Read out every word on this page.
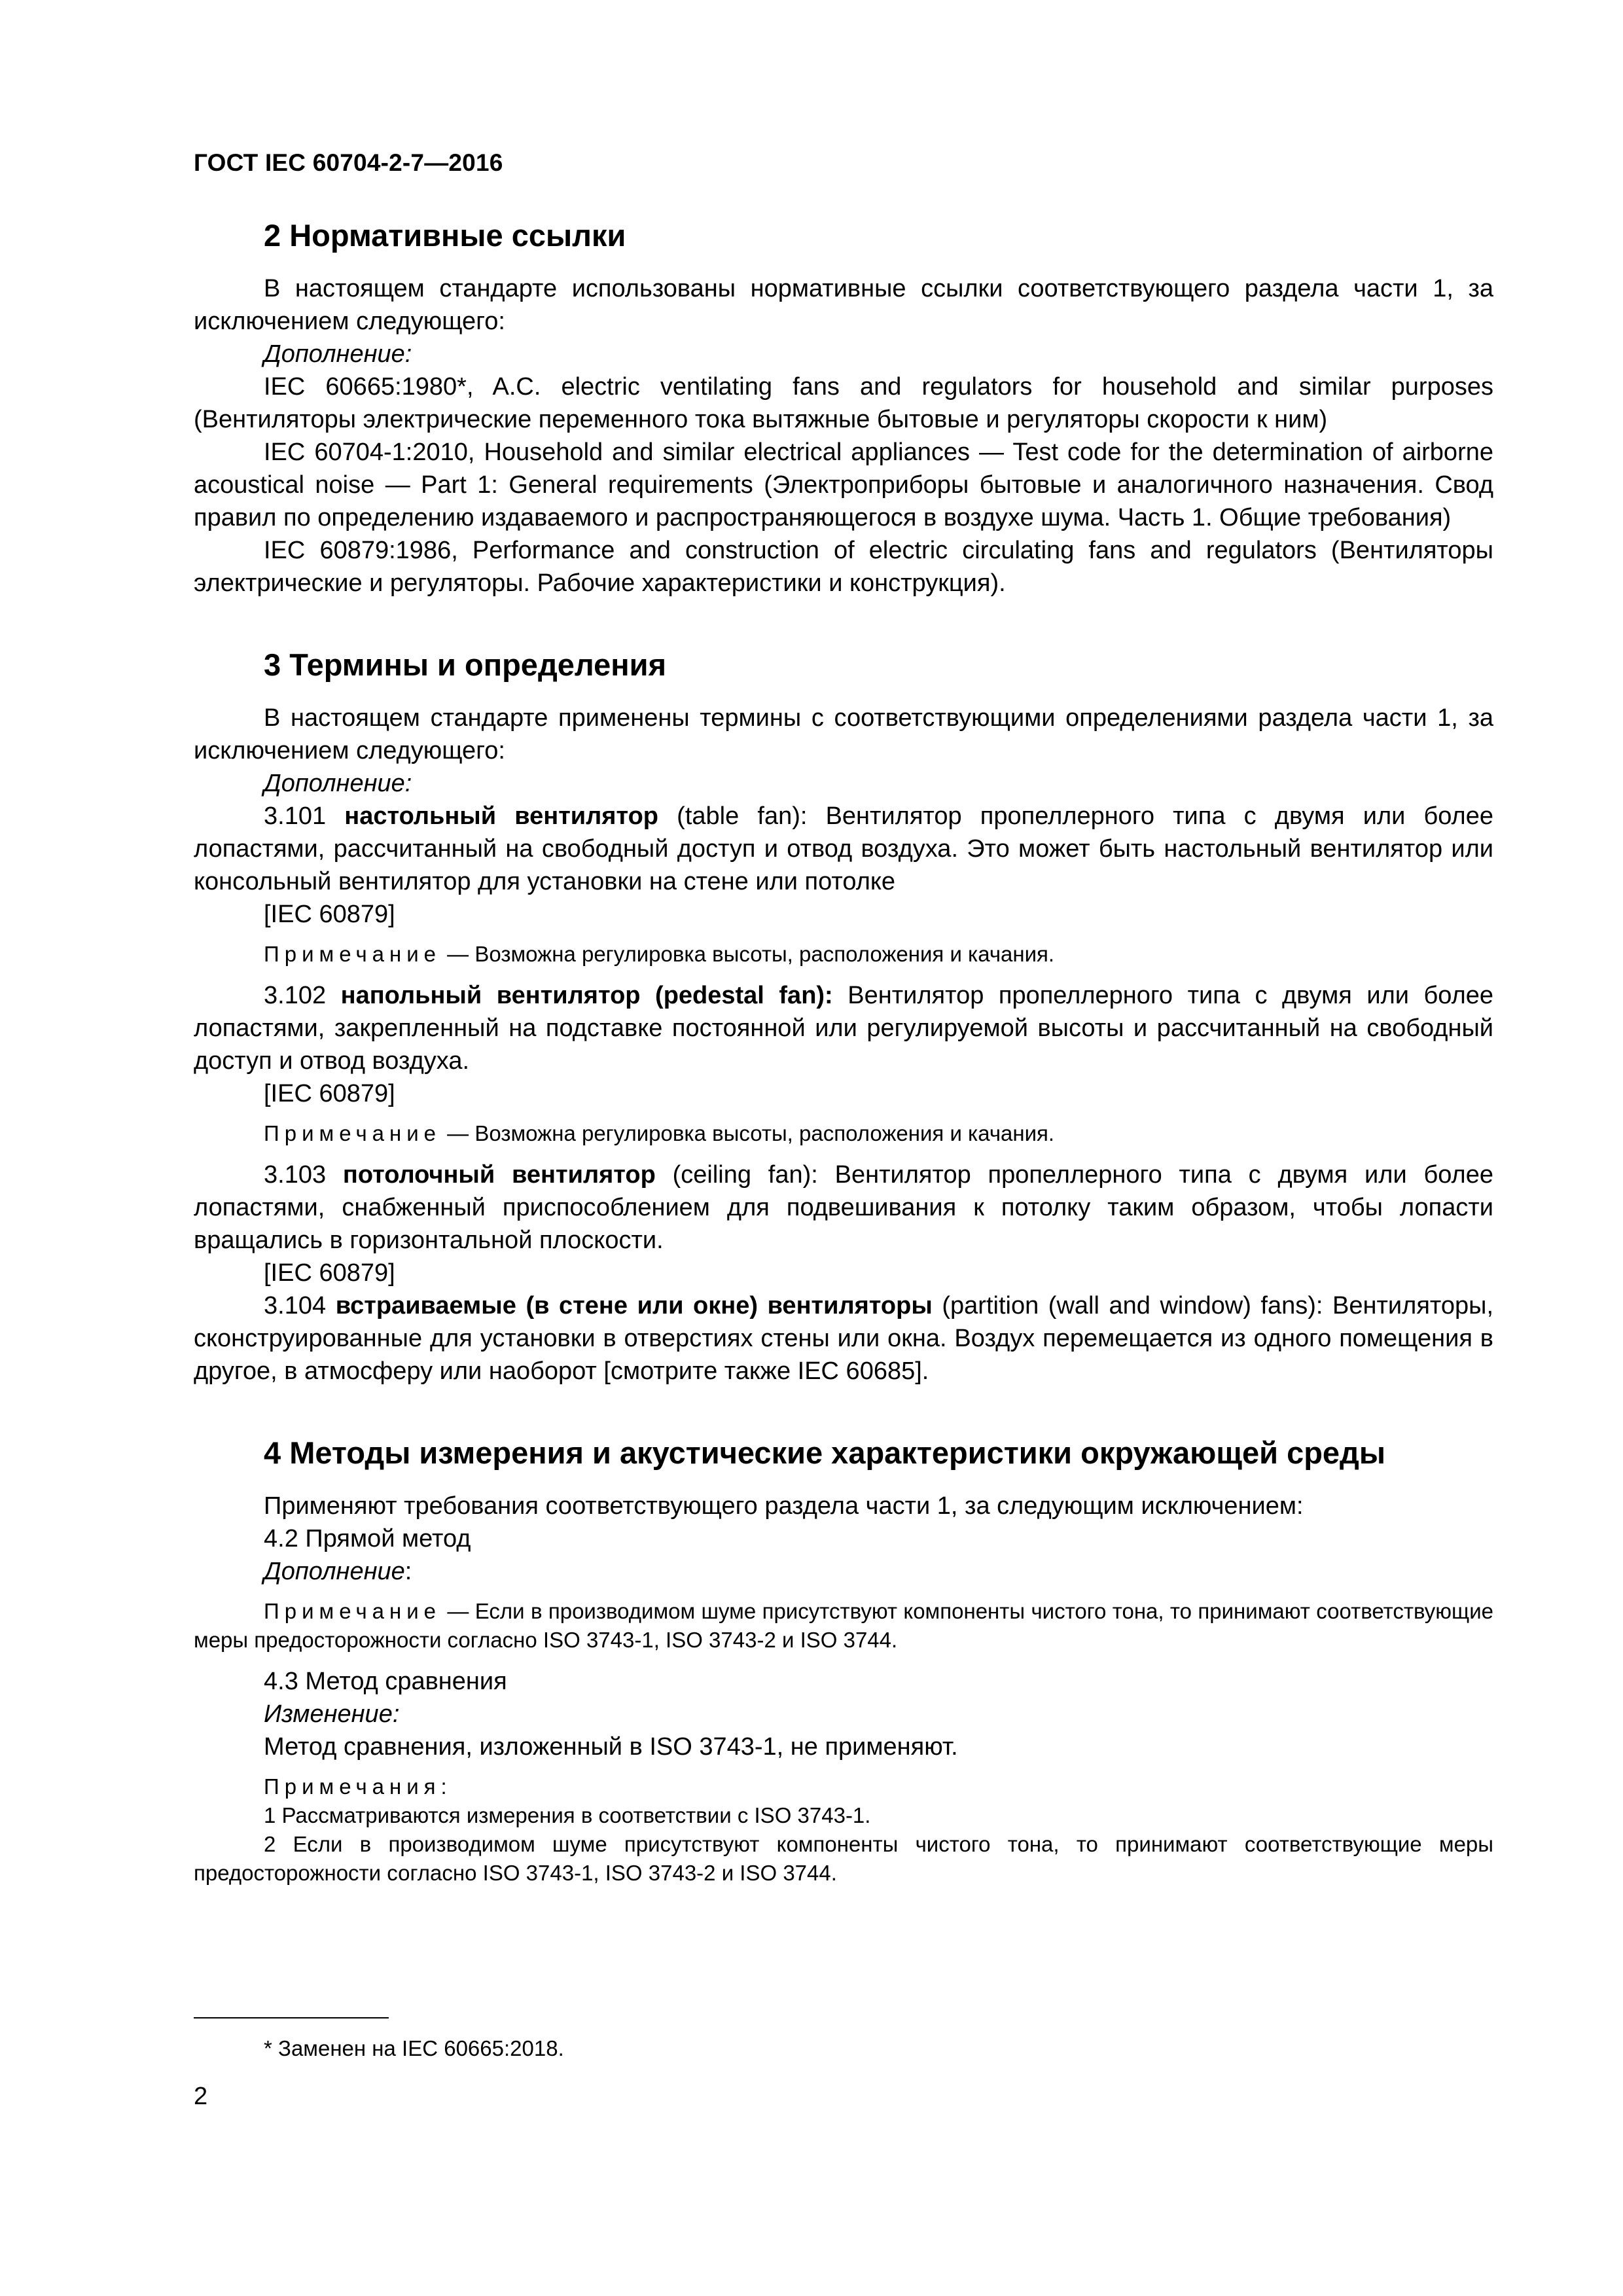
ГОСТ IEC 60704-2-7—2016
2 Нормативные ссылки

В настоящем стандарте использованы нормативные ссылки соответствующего раздела части 1, за исключением следующего:

Дополнение:

IEC 60665:1980*, A.C. electric ventilating fans and regulators for household and similar purposes (Вентиляторы электрические переменного тока вытяжные бытовые и регуляторы скорости к ним)

IEC 60704-1:2010, Household and similar electrical appliances — Test code for the determination of airborne acoustical noise — Part 1: General requirements (Электроприборы бытовые и аналогичного назначения. Свод правил по определению издаваемого и распространяющегося в воздухе шума. Часть 1. Общие требования)

IEC 60879:1986, Performance and construction of electric circulating fans and regulators (Вентиляторы электрические и регуляторы. Рабочие характеристики и конструкция).

3 Термины и определения

В настоящем стандарте применены термины с соответствующими определениями раздела части 1, за исключением следующего:

Дополнение:

3.101 настольный вентилятор (table fan): Вентилятор пропеллерного типа с двумя или более лопастями, рассчитанный на свободный доступ и отвод воздуха. Это может быть настольный вентилятор или консольный вентилятор для установки на стене или потолке

[IEC 60879]

Примечание — Возможна регулировка высоты, расположения и качания.

3.102 напольный вентилятор (pedestal fan): Вентилятор пропеллерного типа с двумя или более лопастями, закрепленный на подставке постоянной или регулируемой высоты и рассчитанный на свободный доступ и отвод воздуха.

[IEC 60879]

Примечание — Возможна регулировка высоты, расположения и качания.

3.103 потолочный вентилятор (ceiling fan): Вентилятор пропеллерного типа с двумя или более лопастями, снабженный приспособлением для подвешивания к потолку таким образом, чтобы лопасти вращались в горизонтальной плоскости.

[IEC 60879]

3.104 встраиваемые (в стене или окне) вентиляторы (partition (wall and window) fans): Вентиляторы, сконструированные для установки в отверстиях стены или окна. Воздух перемещается из одного помещения в другое, в атмосферу или наоборот [смотрите также IEC 60685].

4 Методы измерения и акустические характеристики окружающей среды

Применяют требования соответствующего раздела части 1, за следующим исключением:

4.2 Прямой метод

Дополнение:

Примечание — Если в производимом шуме присутствуют компоненты чистого тона, то принимают соответствующие меры предосторожности согласно ISO 3743-1, ISO 3743-2 и ISO 3744.

4.3 Метод сравнения

Изменение:

Метод сравнения, изложенный в ISO 3743-1, не применяют.

Примечания:

1 Рассматриваются измерения в соответствии с ISO 3743-1.

2 Если в производимом шуме присутствуют компоненты чистого тона, то принимают соответствующие меры предосторожности согласно ISO 3743-1, ISO 3743-2 и ISO 3744.

* Заменен на IEC 60665:2018.
2
